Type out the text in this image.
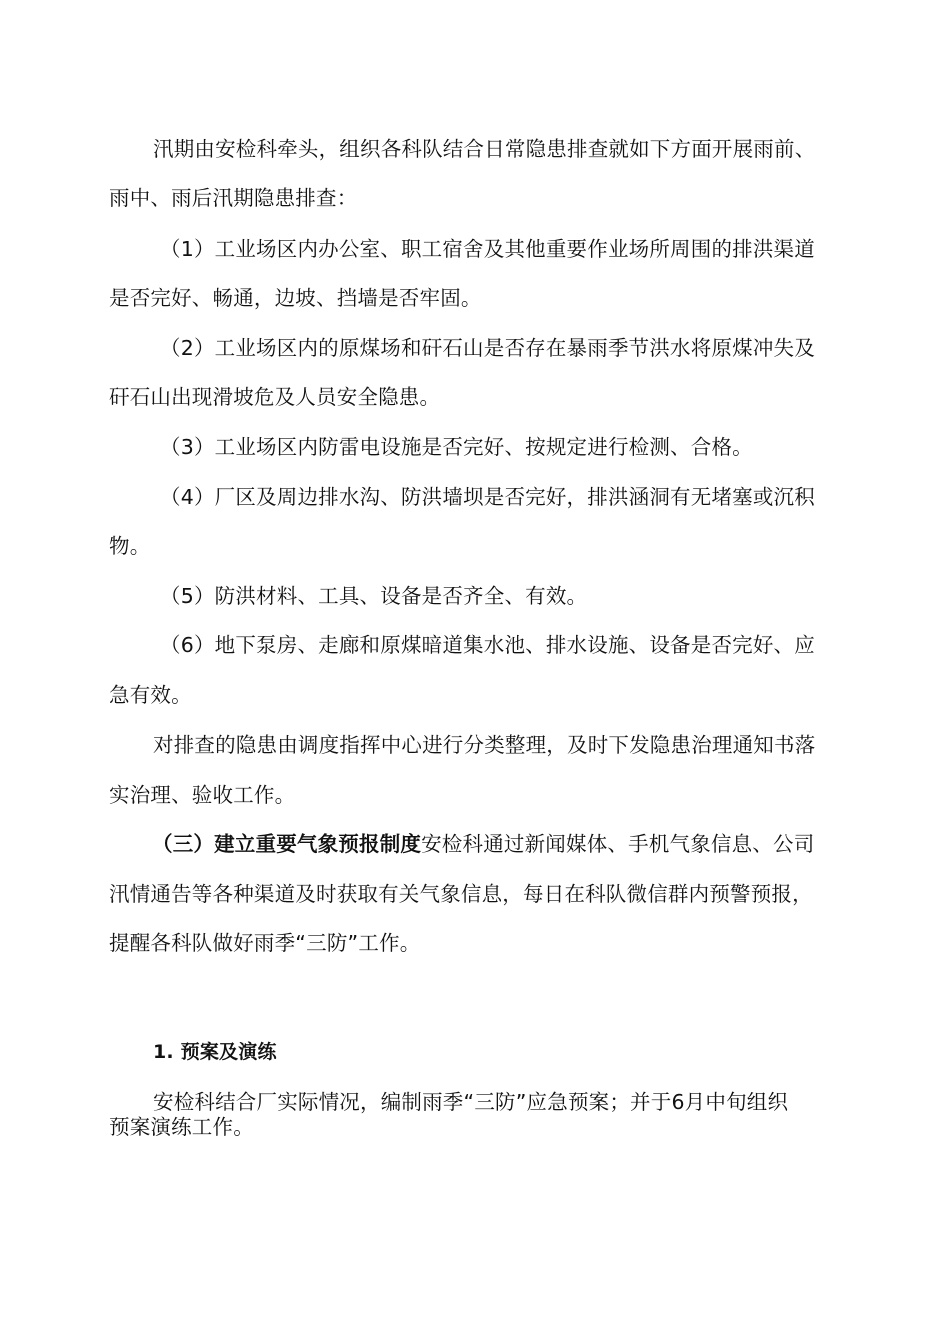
汛期由安检科牵头，组织各科队结合日常隐患排查就如下方面开展雨前、
雨中、雨后汛期隐患排查：
（1）工业场区内办公室、职工宿舍及其他重要作业场所周围的排洪渠道
是否完好、畅通，边坡、挡墙是否牢固。
（2）工业场区内的原煤场和矸石山是否存在暴雨季节洪水将原煤冲失及
矸石山出现滑坡危及人员安全隐患。
（3）工业场区内防雷电设施是否完好、按规定进行检测、合格。
（4）厂区及周边排水沟、防洪墙坝是否完好，排洪涵洞有无堵塞或沉积
物。
（5）防洪材料、工具、设备是否齐全、有效。
（6）地下泵房、走廊和原煤暗道集水池、排水设施、设备是否完好、应
急有效。
对排查的隐患由调度指挥中心进行分类整理，及时下发隐患治理通知书落
实治理、验收工作。
（三）建立重要气象预报制度安检科通过新闻媒体、手机气象信息、公司
汛情通告等各种渠道及时获取有关气象信息，每日在科队微信群内预警预报，
提醒各科队做好雨季“三防”工作。
1. 预案及演练
安检科结合厂实际情况，编制雨季“三防”应急预案；并于6月中旬组织
预案演练工作。
